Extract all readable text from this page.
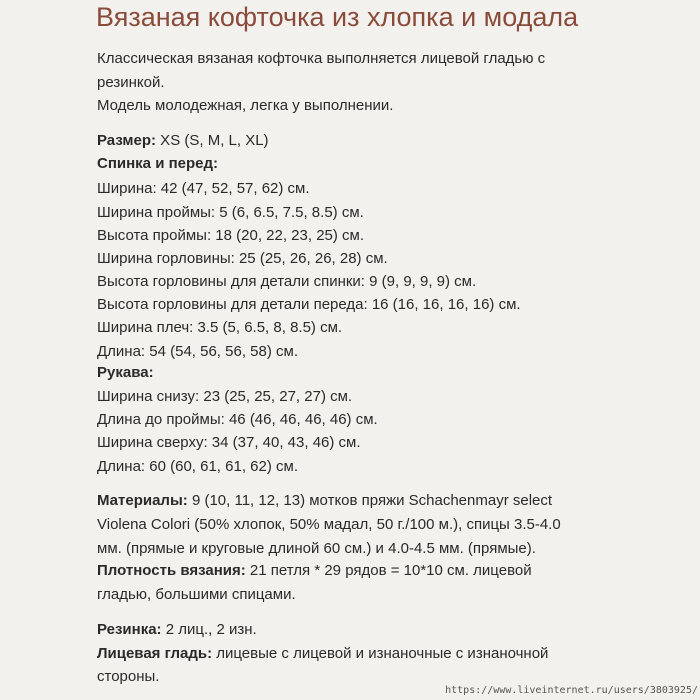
Вязаная кофточка из хлопка и модала
Классическая вязаная кофточка выполняется лицевой гладью с
резинкой.
Модель молодежная, легка у выполнении.
Размер: XS (S, M, L, XL)
Спинка и перед:
Ширина: 42 (47, 52, 57, 62) см.
Ширина проймы: 5 (6, 6.5, 7.5, 8.5) см.
Высота проймы: 18 (20, 22, 23, 25) см.
Ширина горловины: 25 (25, 26, 26, 28) см.
Высота горловины для детали спинки: 9 (9, 9, 9, 9) см.
Высота горловины для детали переда: 16 (16, 16, 16, 16) см.
Ширина плеч: 3.5 (5, 6.5, 8, 8.5) см.
Длина: 54 (54, 56, 56, 58) см.
Рукава:
Ширина снизу: 23 (25, 25, 27, 27) см.
Длина до проймы: 46 (46, 46, 46, 46) см.
Ширина сверху: 34 (37, 40, 43, 46) см.
Длина: 60 (60, 61, 61, 62) см.
Материалы: 9 (10, 11, 12, 13) мотков пряжи Schachenmayr select
Violena Colori (50% хлопок, 50% мадал, 50 г./100 м.), спицы 3.5-4.0
мм. (прямые и круговые длиной 60 см.) и 4.0-4.5 мм. (прямые).
Плотность вязания: 21 петля * 29 рядов = 10*10 см. лицевой
гладью, большими спицами.
Резинка: 2 лиц., 2 изн.
Лицевая гладь: лицевые с лицевой и изнаночные с изнаночной
стороны.
https://www.liveinternet.ru/users/3803925/
